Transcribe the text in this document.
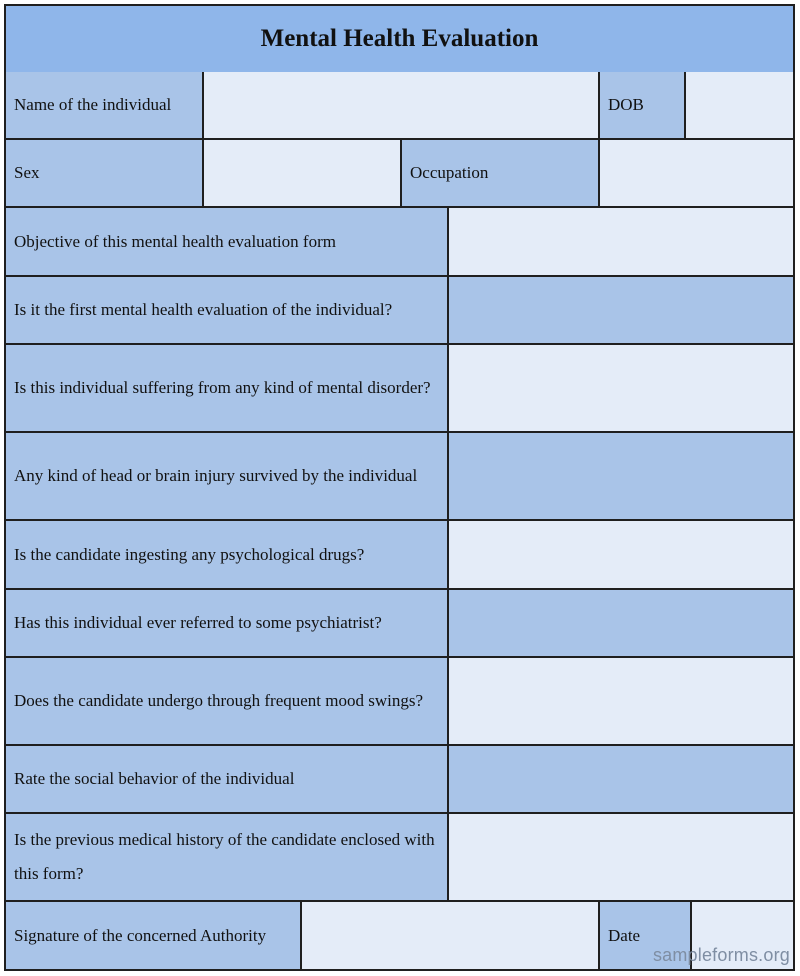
Mental Health Evaluation
Name of the individual	DOB
Sex	Occupation
Objective of this mental health evaluation form
Is it the first mental health evaluation of the individual?
Is this individual suffering from any kind of mental disorder?
Any kind of head or brain injury survived by the individual
Is the candidate ingesting any psychological drugs?
Has this individual ever referred to some psychiatrist?
Does the candidate undergo through frequent mood swings?
Rate the social behavior of the individual
Is the previous medical history of the candidate enclosed with this form?
Signature of the concerned Authority	Date
sampleforms.org
